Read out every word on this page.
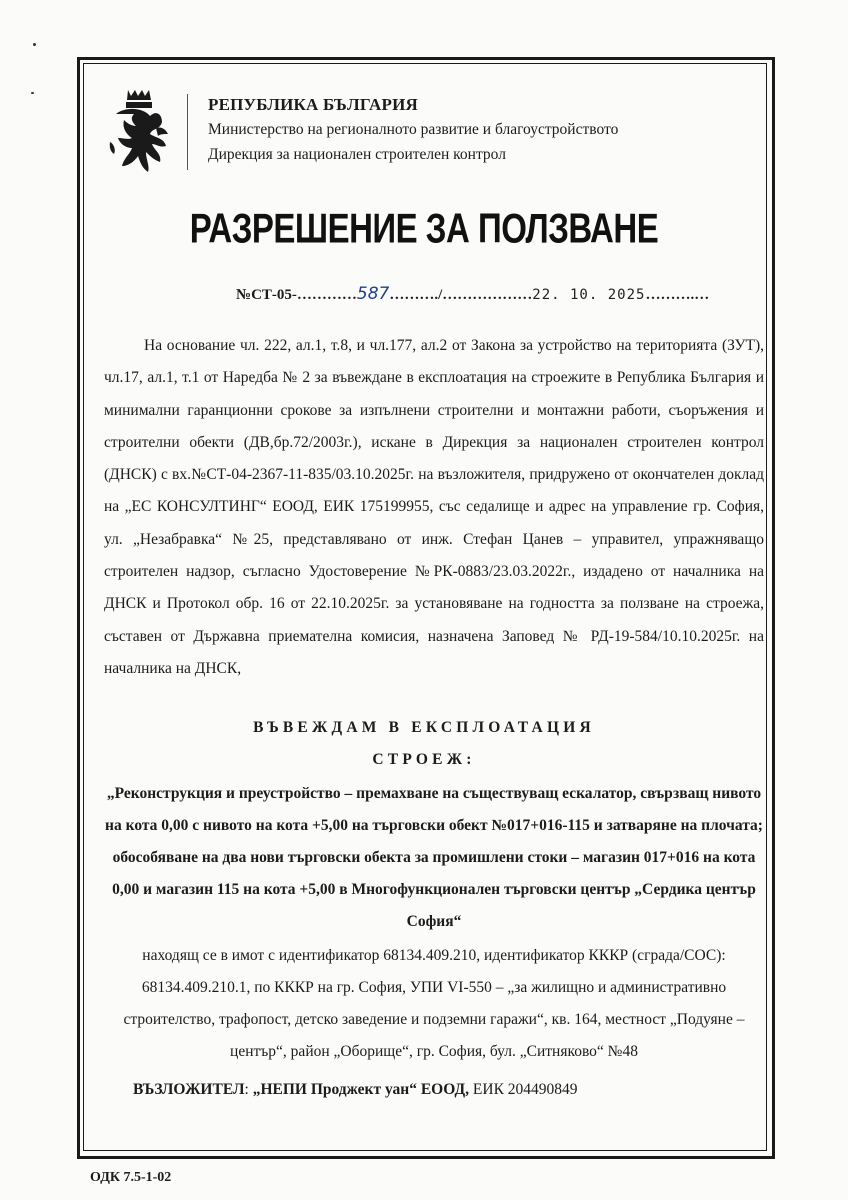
РЕПУБЛИКА БЪЛГАРИЯ
Министерство на регионалното развитие и благоустройството
Дирекция за национален строителен контрол
РАЗРЕШЕНИЕ ЗА ПОЛЗВАНЕ
№СТ-05-…………587………./………………22. 10. 2025……….…
На основание чл. 222, ал.1, т.8, и чл.177, ал.2 от Закона за устройство на територията (ЗУТ), чл.17, ал.1, т.1 от Наредба № 2 за въвеждане в експлоатация на строежите в Република България и минимални гаранционни срокове за изпълнени строителни и монтажни работи, съоръжения и строителни обекти (ДВ,бр.72/2003г.), искане в Дирекция за национален строителен контрол (ДНСК) с вх.№СТ-04-2367-11-835/03.10.2025г. на възложителя, придружено от окончателен доклад на „ЕС КОНСУЛТИНГ“ ЕООД, ЕИК 175199955, със седалище и адрес на управление гр. София, ул. „Незабравка“ №25, представлявано от инж. Стефан Цанев – управител, упражняващо строителен надзор, съгласно Удостоверение №РК-0883/23.03.2022г., издадено от началника на ДНСК и Протокол обр. 16 от 22.10.2025г. за установяване на годността за ползване на строежа, съставен от Държавна приемателна комисия, назначена Заповед № РД-19-584/10.10.2025г. на началника на ДНСК,
ВЪВЕЖДАМ В ЕКСПЛОАТАЦИЯ
СТРОЕЖ:
„Реконструкция и преустройство – премахване на съществуващ ескалатор, свързващ нивото на кота 0,00 с нивото на кота +5,00 на търговски обект №017+016-115 и затваряне на плочата; обособяване на два нови търговски обекта за промишлени стоки – магазин 017+016 на кота 0,00 и магазин 115 на кота +5,00 в Многофункционален търговски център „Сердика център София“
находящ се в имот с идентификатор 68134.409.210, идентификатор КККР (сграда/СОС): 68134.409.210.1, по КККР на гр. София, УПИ VI-550 – „за жилищно и административно строителство, трафопост, детско заведение и подземни гаражи“, кв. 164, местност „Подуяне – център“, район „Оборище“, гр. София, бул. „Ситняково“ №48
ВЪЗЛОЖИТЕЛ: „НЕПИ Проджект уан“ ЕООД, ЕИК 204490849
ОДК 7.5-1-02
